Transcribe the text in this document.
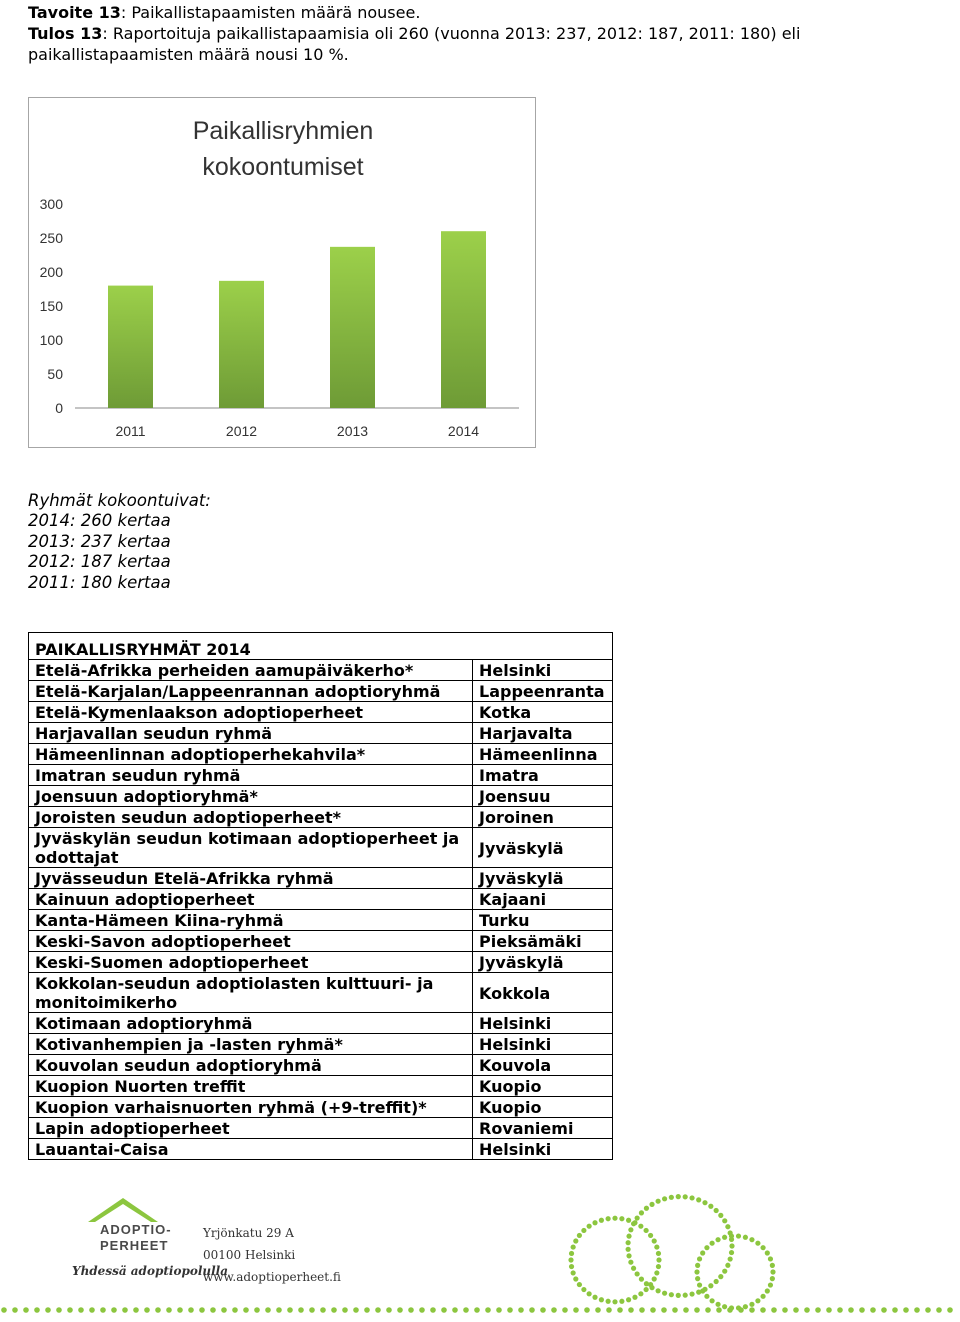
Tavoite 13: Paikallistapaamisten määrä nousee.
Tulos 13: Raportoituja paikallistapaamisia oli 260 (vuonna 2013: 237, 2012: 187, 2011: 180) eli paikallistapaamisten määrä nousi 10 %.
Paikallisryhmien
kokoontumiset
300
250
200
150
100
50
0
2011	2012	2013	2014
Ryhmät kokoontuivat:
2014: 260 kertaa
2013: 237 kertaa
2012: 187 kertaa
2011: 180 kertaa
PAIKALLISRYHMÄT 2014	
Etelä-Afrikka perheiden aamupäiväkerho*	Helsinki
Etelä-Karjalan/Lappeenrannan adoptioryhmä	Lappeenranta
Etelä-Kymenlaakson adoptioperheet	Kotka
Harjavallan seudun ryhmä	Harjavalta
Hämeenlinnan adoptioperhekahvila*	Hämeenlinna
Imatran seudun ryhmä	Imatra
Joensuun adoptioryhmä*	Joensuu
Joroisten seudun adoptioperheet*	Joroinen
Jyväskylän seudun kotimaan adoptioperheet ja odottajat	Jyväskylä
Jyvässeudun Etelä-Afrikka ryhmä	Jyväskylä
Kainuun adoptioperheet	Kajaani
Kanta-Hämeen Kiina-ryhmä	Turku
Keski-Savon adoptioperheet	Pieksämäki
Keski-Suomen adoptioperheet	Jyväskylä
Kokkolan-seudun adoptiolasten kulttuuri- ja monitoimikerho	Kokkola
Kotimaan adoptioryhmä	Helsinki
Kotivanhempien ja -lasten ryhmä*	Helsinki
Kouvolan seudun adoptioryhmä	Kouvola
Kuopion Nuorten treffit	Kuopio
Kuopion varhaisnuorten ryhmä (+9-treffit)*	Kuopio
Lapin adoptioperheet	Rovaniemi
Lauantai-Caisa	Helsinki
ADOPTIO-
PERHEET
Yhdessä adoptiopolulla
Yrjönkatu 29 A
00100 Helsinki
www.adoptioperheet.fi
